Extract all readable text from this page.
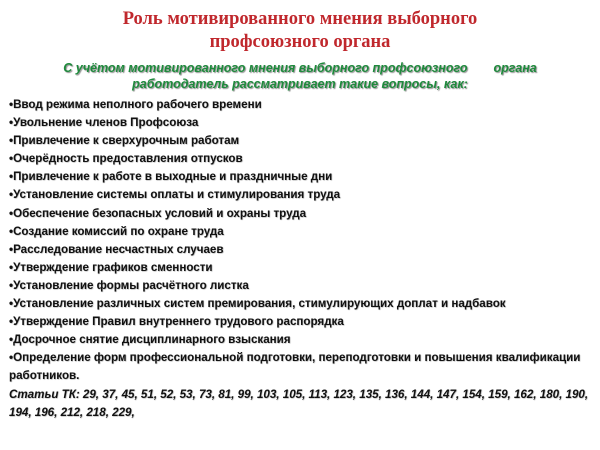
Роль мотивированного мнения выборного
профсоюзного органа
С учётом мотивированного мнения выборного профсоюзного органа
работодатель рассматривает такие вопросы, как:
•Ввод режима неполного рабочего времени
•Увольнение членов Профсоюза
•Привлечение к сверхурочным работам
•Очерёдность предоставления отпусков
•Привлечение к работе в выходные и праздничные дни
•Установление системы оплаты и стимулирования труда
•Обеспечение безопасных условий и охраны труда
•Создание комиссий по охране труда
•Расследование несчастных случаев
•Утверждение графиков сменности
•Установление формы расчётного листка
•Установление различных систем премирования, стимулирующих доплат и надбавок
•Утверждение Правил внутреннего трудового распорядка
•Досрочное снятие дисциплинарного взыскания
•Определение форм профессиональной подготовки, переподготовки и повышения квалификации работников.
Статьи ТК: 29, 37, 45, 51, 52, 53, 73, 81, 99, 103, 105, 113, 123, 135, 136, 144, 147, 154, 159, 162, 180, 190, 194, 196, 212, 218, 229,
